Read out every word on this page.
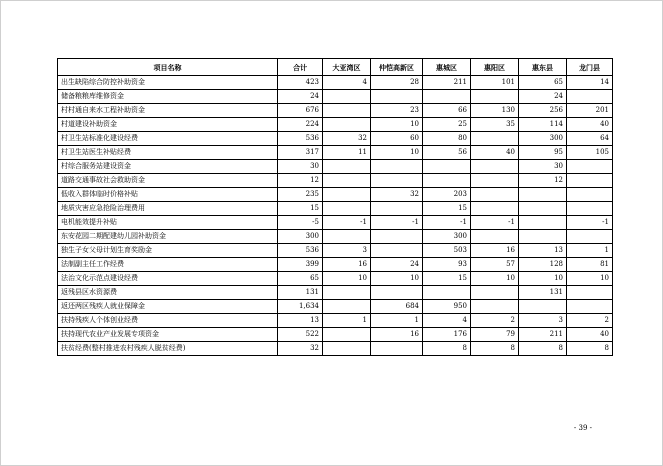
项目名称	合计	大亚湾区	仲恺高新区	惠城区	惠阳区	惠东县	龙门县
出生缺陷综合防控补助资金	423	4	28	211	101	65	14
储备粮粮库维修资金	24					24	
村村通自来水工程补助资金	676		23	66	130	256	201
村道建设补助资金	224		10	25	35	114	40
村卫生站标准化建设经费	536	32	60	80		300	64
村卫生站医生补贴经费	317	11	10	56	40	95	105
村综合服务站建设资金	30					30	
道路交通事故社会救助资金	12					12	
低收入群体临时价格补贴	235		32	203			
地质灾害应急抢险治理费用	15			15			
电机能效提升补贴	-5	-1	-1	-1	-1		-1
东安花园二期配建幼儿园补助资金	300			300			
独生子女父母计划生育奖励金	536	3		503	16	13	1
法制副主任工作经费	399	16	24	93	57	128	81
法治文化示范点建设经费	65	10	10	15	10	10	10
返残县区水资源费	131					131	
返还两区残疾人就业保障金	1,634		684	950			
扶持残疾人个体创业经费	13	1	1	4	2	3	2
扶持现代农业产业发展专项资金	522		16	176	79	211	40
扶贫经费(整村推进农村残疾人脱贫经费)	32			8	8	8	8
- 39 -
